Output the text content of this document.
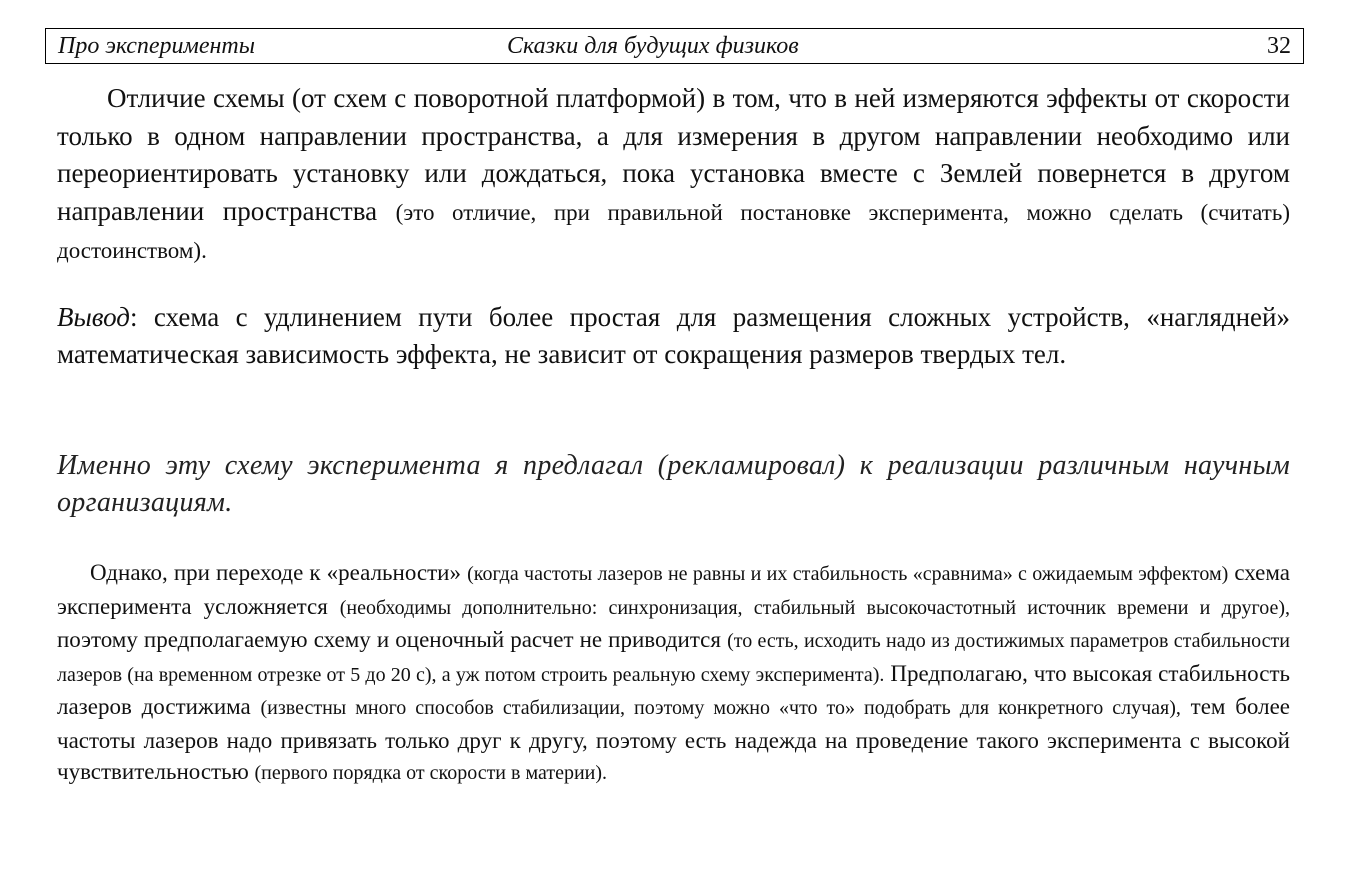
Про эксперименты	Сказки для будущих физиков	32

Отличие схемы (от схем с поворотной платформой) в том, что в ней измеряются эффекты от скорости только в одном направлении пространства, а для измерения в другом направлении необходимо или переориентировать установку или дождаться, пока установка вместе с Землей повернется в другом направлении пространства (это отличие, при правильной постановке эксперимента, можно сделать (считать) достоинством).

Вывод: схема с удлинением пути более простая для размещения сложных устройств, «наглядней» математическая зависимость эффекта, не зависит от сокращения размеров твердых тел.

Именно эту схему эксперимента я предлагал (рекламировал) к реализации различным научным организациям.

Однако, при переходе к «реальности» (когда частоты лазеров не равны и их стабильность «сравнима» с ожидаемым эффектом) схема эксперимента усложняется (необходимы дополнительно: синхронизация, стабильный высокочастотный источник времени и другое), поэтому предполагаемую схему и оценочный расчет не приводится (то есть, исходить надо из достижимых параметров стабильности лазеров (на временном отрезке от 5 до 20 с), а уж потом строить реальную схему эксперимента). Предполагаю, что высокая стабильность лазеров достижима (известны много способов стабилизации, поэтому можно «что то» подобрать для конкретного случая), тем более частоты лазеров надо привязать только друг к другу, поэтому есть надежда на проведение такого эксперимента с высокой чувствительностью (первого порядка от скорости в материи).
